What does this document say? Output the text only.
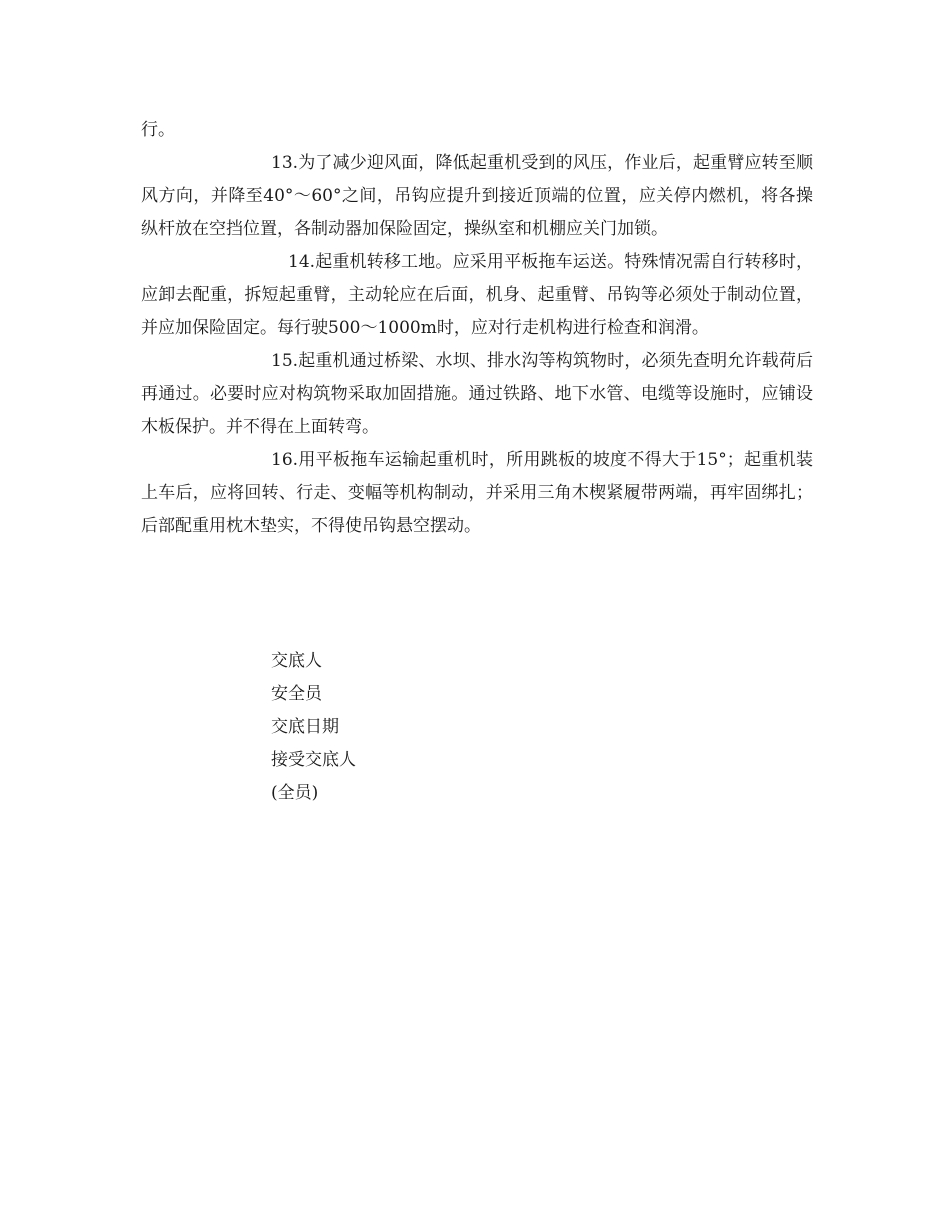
行。

13.为了减少迎风面，降低起重机受到的风压，作业后，起重臂应转至顺风方向，并降至40°～60°之间，吊钩应提升到接近顶端的位置，应关停内燃机，将各操纵杆放在空挡位置，各制动器加保险固定，操纵室和机棚应关门加锁。

14.起重机转移工地。应采用平板拖车运送。特殊情况需自行转移时，应卸去配重，拆短起重臂，主动轮应在后面，机身、起重臂、吊钩等必须处于制动位置，并应加保险固定。每行驶500～1000m时，应对行走机构进行检查和润滑。

15.起重机通过桥梁、水坝、排水沟等构筑物时，必须先查明允许载荷后再通过。必要时应对构筑物采取加固措施。通过铁路、地下水管、电缆等设施时，应铺设木板保护。并不得在上面转弯。

16.用平板拖车运输起重机时，所用跳板的坡度不得大于15°；起重机装上车后，应将回转、行走、变幅等机构制动，并采用三角木楔紧履带两端，再牢固绑扎；后部配重用枕木垫实，不得使吊钩悬空摆动。

交底人

安全员

交底日期

接受交底人

(全员)
